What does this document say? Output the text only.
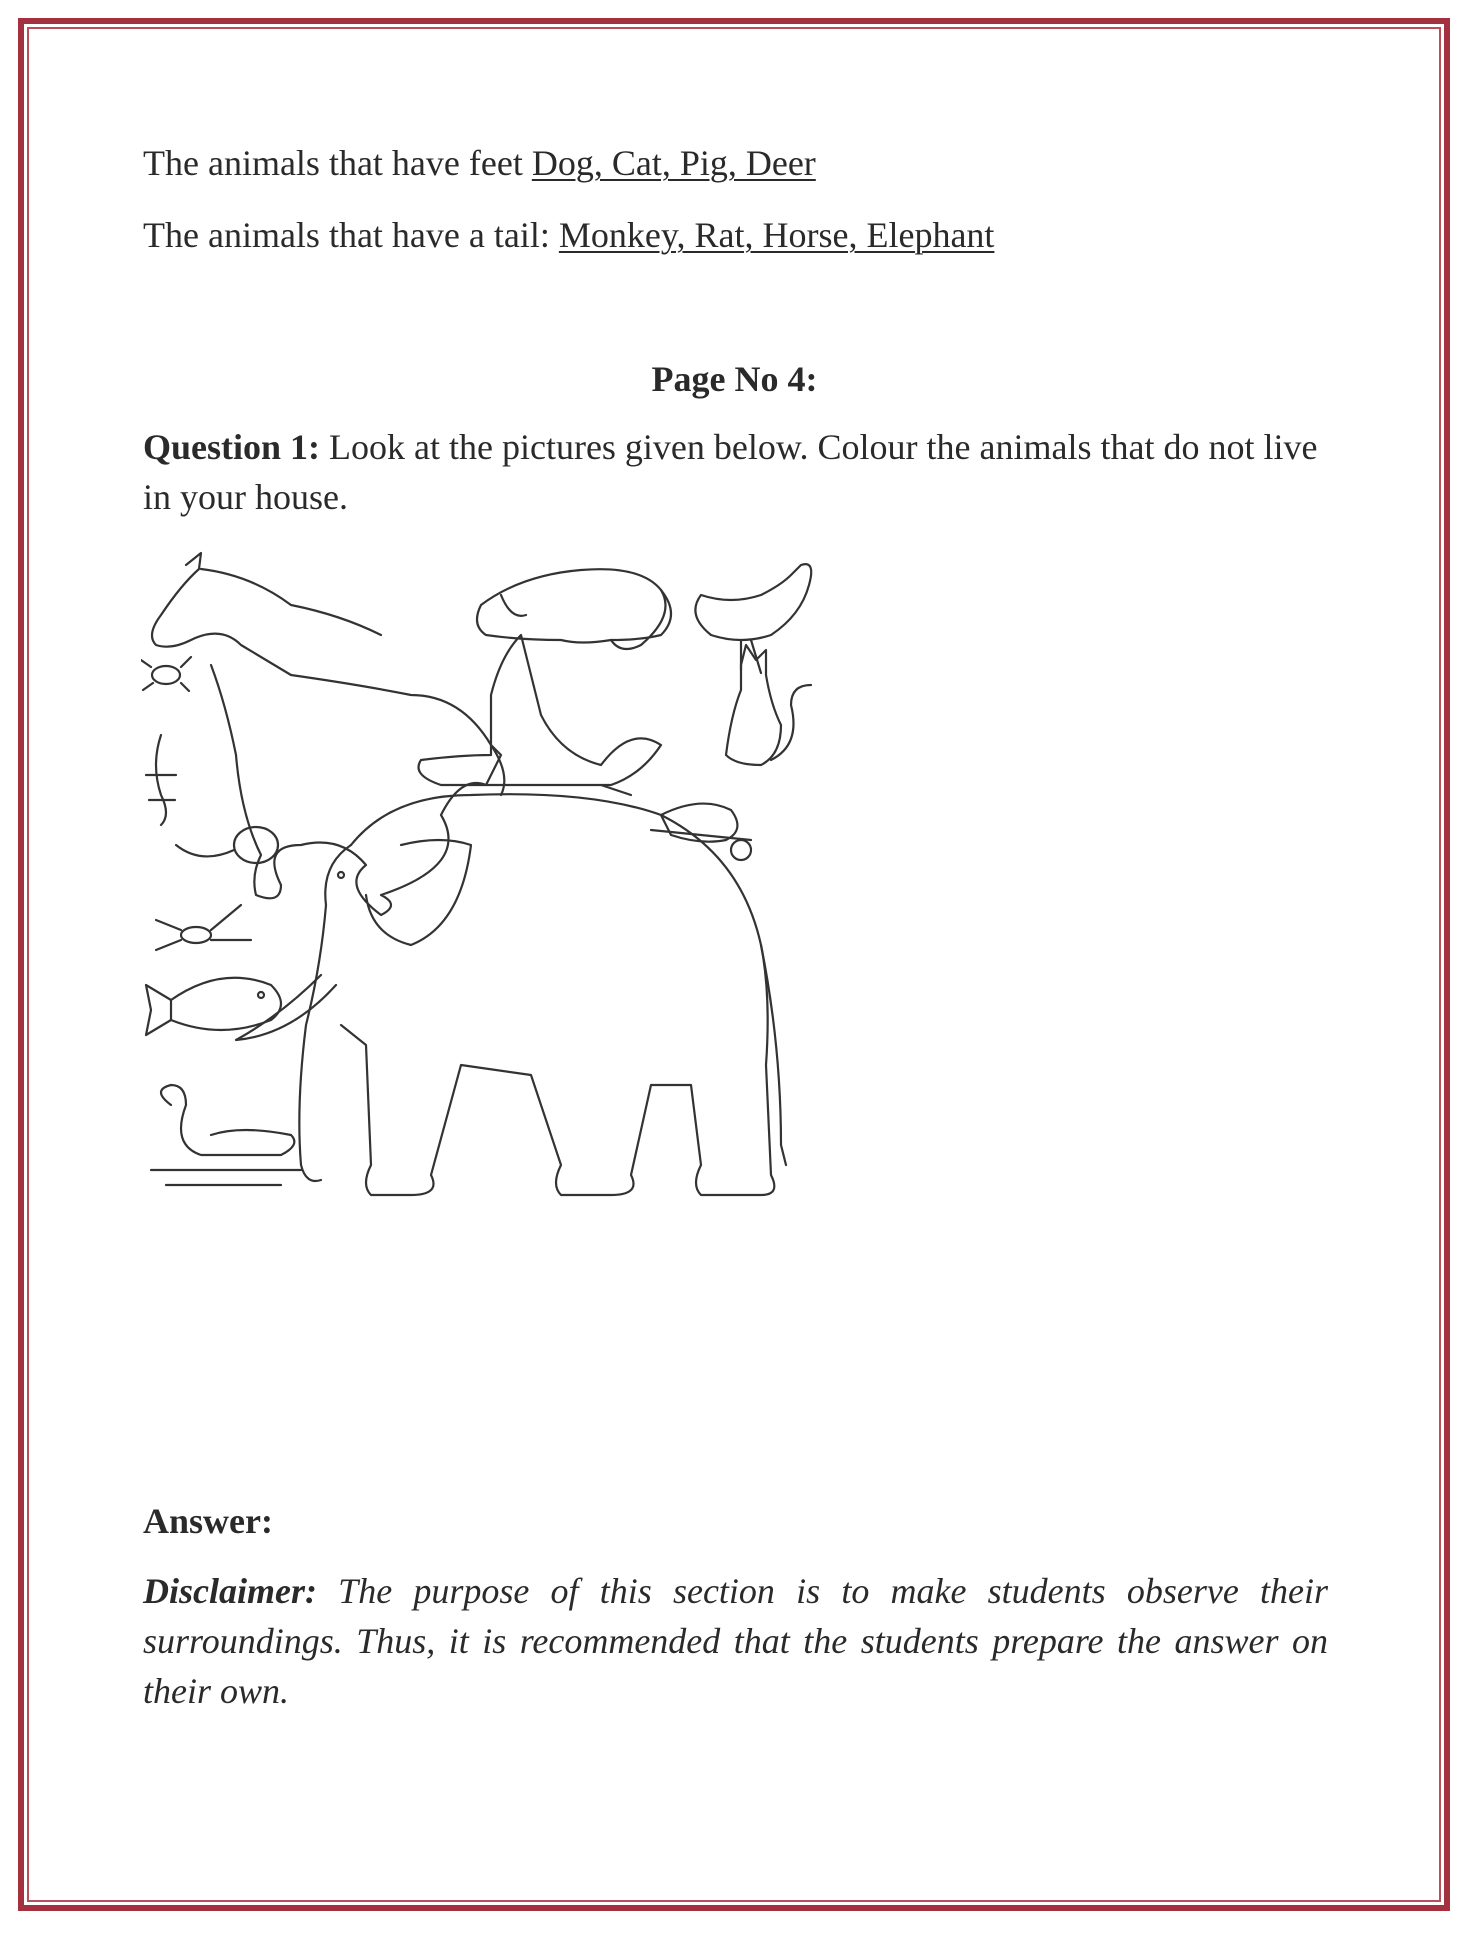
The animals that have feet Dog, Cat, Pig, Deer
The animals that have a tail: Monkey, Rat, Horse, Elephant
Page No 4:
Question 1: Look at the pictures given below. Colour the animals that do not live in your house.
Answer:
Disclaimer: The purpose of this section is to make students observe their surroundings. Thus, it is recommended that the students prepare the answer on their own.
